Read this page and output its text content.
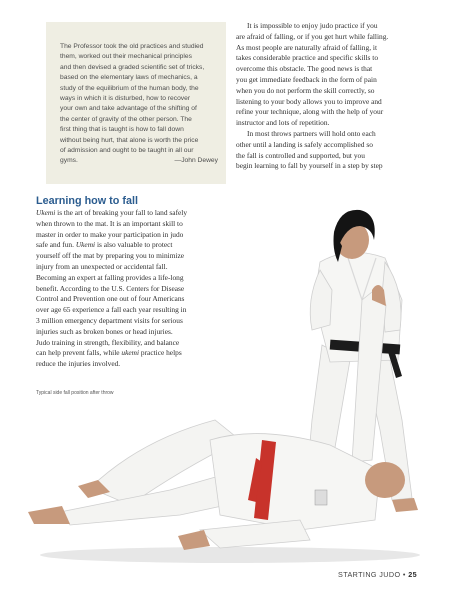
The Professor took the old practices and studied
them, worked out their mechanical principles
and then devised a graded scientific set of tricks,
based on the elementary laws of mechanics, a
study of the equilibrium of the human body, the
ways in which it is disturbed, how to recover
your own and take advantage of the shifting of
the center of gravity of the other person. The
first thing that is taught is how to fall down
without being hurt, that alone is worth the price
of admission and ought to be taught in all our
gyms.	—John Dewey
It is impossible to enjoy judo practice if you
are afraid of falling, or if you get hurt while falling.
As most people are naturally afraid of falling, it
takes considerable practice and specific skills to
overcome this obstacle. The good news is that
you get immediate feedback in the form of pain
when you do not perform the skill correctly, so
listening to your body allows you to improve and
refine your technique, along with the help of your
instructor and lots of repetition.
In most throws partners will hold onto each
other until a landing is safely accomplished so
the fall is controlled and supported, but you
begin learning to fall by yourself in a step by step
Learning how to fall
Ukemi is the art of breaking your fall to land safely
when thrown to the mat. It is an important skill to
master in order to make your participation in judo
safe and fun. Ukemi is also valuable to protect
yourself off the mat by preparing you to minimize
injury from an unexpected or accidental fall.
Becoming an expert at falling provides a life-long
benefit. According to the U.S. Centers for Disease
Control and Prevention one out of four Americans
over age 65 experience a fall each year resulting in
3 million emergency department visits for serious
injuries such as broken bones or head injuries.
Judo training in strength, flexibility, and balance
can help prevent falls, while ukemi practice helps
reduce the injuries involved.
Typical side fall position after throw
STARTING JUDO • 25
